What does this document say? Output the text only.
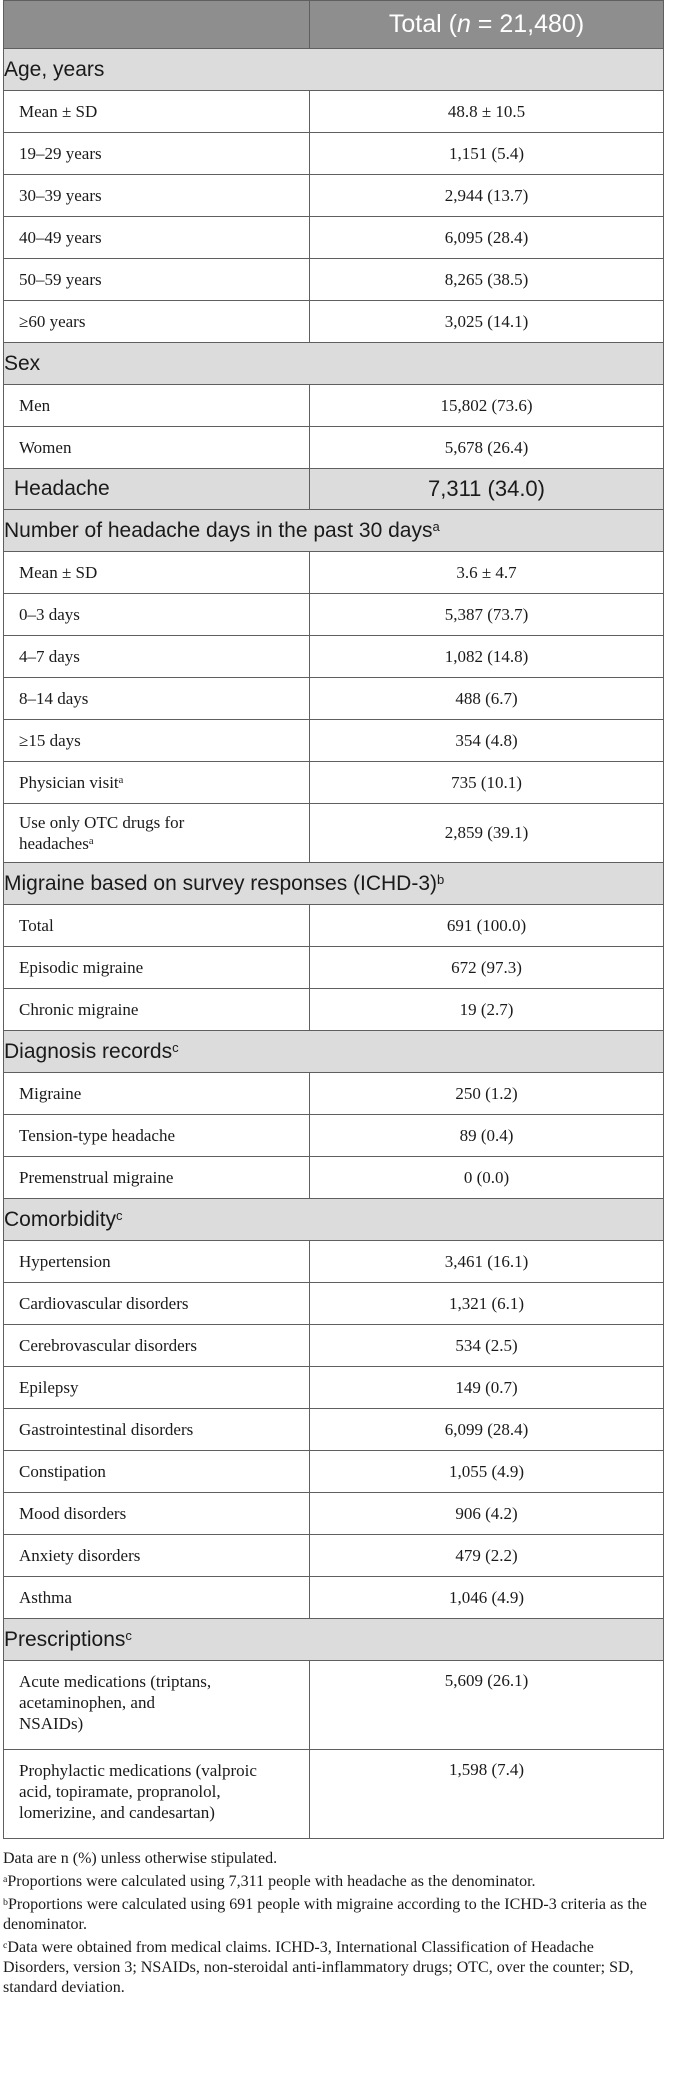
	Total (n = 21,480)
Age, years	
Mean ± SD	48.8 ± 10.5
19–29 years	1,151 (5.4)
30–39 years	2,944 (13.7)
40–49 years	6,095 (28.4)
50–59 years	8,265 (38.5)
≥60 years	3,025 (14.1)
Sex	
Men	15,802 (73.6)
Women	5,678 (26.4)
Headache	7,311 (34.0)
Number of headache days in the past 30 days$^a$
Mean ± SD	3.6 ± 4.7
0–3 days	5,387 (73.7)
4–7 days	1,082 (14.8)
8–14 days	488 (6.7)
≥15 days	354 (4.8)
Physician visit$^a$	735 (10.1)
Use only OTC drugs for
headaches$^a$	2,859 (39.1)
Migraine based on survey responses (ICHD-3)$^b$
Total	691 (100.0)
Episodic migraine	672 (97.3)
Chronic migraine	19 (2.7)
Diagnosis records$^c$
Migraine	250 (1.2)
Tension-type headache	89 (0.4)
Premenstrual migraine	0 (0.0)
Comorbidity$^c$
Hypertension	3,461 (16.1)
Cardiovascular disorders	1,321 (6.1)
Cerebrovascular disorders	534 (2.5)
Epilepsy	149 (0.7)
Gastrointestinal disorders	6,099 (28.4)
Constipation	1,055 (4.9)
Mood disorders	906 (4.2)
Anxiety disorders	479 (2.2)
Asthma	1,046 (4.9)
Prescriptions$^c$
Acute medications (triptans,
acetaminophen, and
NSAIDs)	5,609 (26.1)
Prophylactic medications (valproic
acid, topiramate, propranolol,
lomerizine, and candesartan)	1,598 (7.4)

Data are n (%) unless otherwise stipulated.

$^a$Proportions were calculated using 7,311 people with headache as the denominator.

$^b$Proportions were calculated using 691 people with migraine according to the ICHD-3 criteria as the denominator.

$^c$Data were obtained from medical claims. ICHD-3, International Classification of Headache Disorders, version 3; NSAIDs, non-steroidal anti-inflammatory drugs; OTC, over the counter; SD, standard deviation.
